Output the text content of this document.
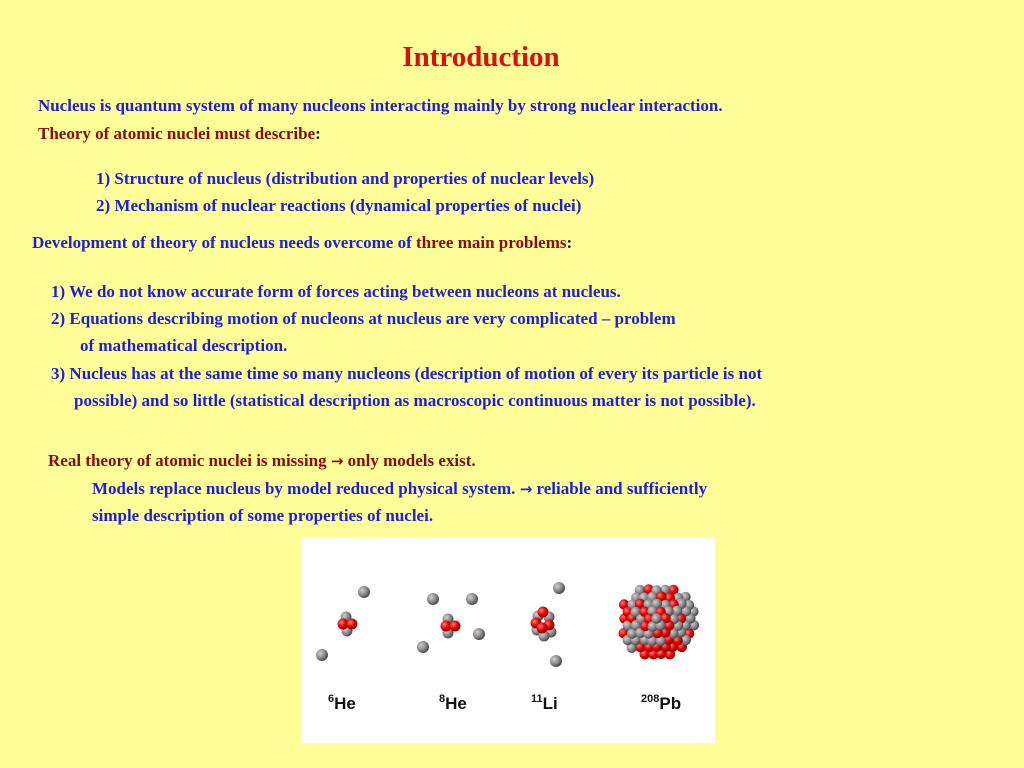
Introduction
Nucleus is quantum system of many nucleons interacting mainly by strong nuclear interaction.
Theory of atomic nuclei must describe:
1) Structure of nucleus (distribution and properties of nuclear levels)
2) Mechanism of nuclear reactions (dynamical properties of nuclei)
Development of theory of nucleus needs overcome of three main problems:
1) We do not know accurate form of forces acting between nucleons at nucleus.
2) Equations describing motion of nucleons at nucleus are very complicated – problem
of mathematical description.
3) Nucleus has at the same time so many nucleons (description of motion of every its particle is not
possible) and so little (statistical description as macroscopic continuous matter is not possible).
Real theory of atomic nuclei is missing → only models exist.
Models replace nucleus by model reduced physical system. → reliable and sufficiently
simple description of some properties of nuclei.
$^6$He	$^8$He	$^{11}$Li	$^{208}$Pb
